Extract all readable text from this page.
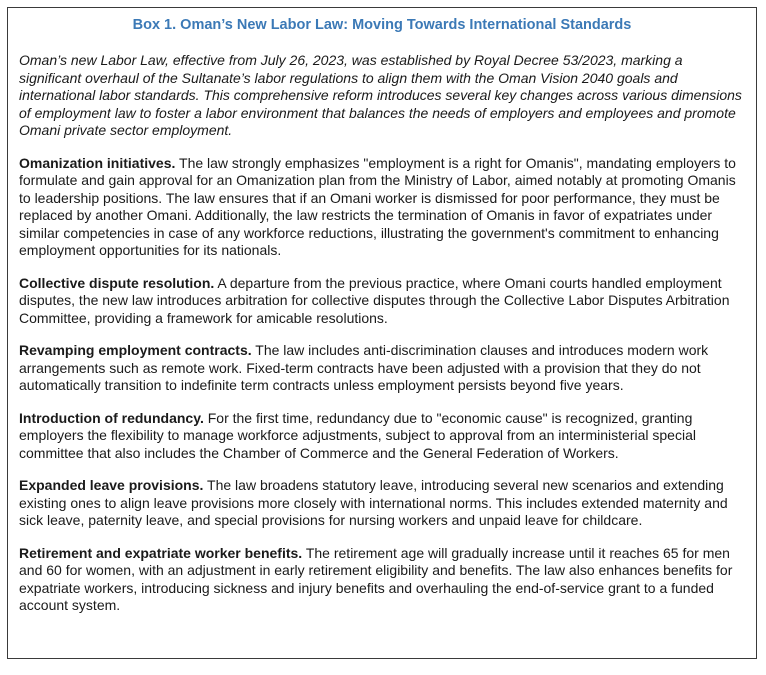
Box 1. Oman’s New Labor Law: Moving Towards International Standards

Oman’s new Labor Law, effective from July 26, 2023, was established by Royal Decree 53/2023, marking a significant overhaul of the Sultanate’s labor regulations to align them with the Oman Vision 2040 goals and international labor standards. This comprehensive reform introduces several key changes across various dimensions of employment law to foster a labor environment that balances the needs of employers and employees and promote Omani private sector employment.

Omanization initiatives. The law strongly emphasizes "employment is a right for Omanis", mandating employers to formulate and gain approval for an Omanization plan from the Ministry of Labor, aimed notably at promoting Omanis to leadership positions. The law ensures that if an Omani worker is dismissed for poor performance, they must be replaced by another Omani. Additionally, the law restricts the termination of Omanis in favor of expatriates under similar competencies in case of any workforce reductions, illustrating the government's commitment to enhancing employment opportunities for its nationals.

Collective dispute resolution. A departure from the previous practice, where Omani courts handled employment disputes, the new law introduces arbitration for collective disputes through the Collective Labor Disputes Arbitration Committee, providing a framework for amicable resolutions.

Revamping employment contracts. The law includes anti-discrimination clauses and introduces modern work arrangements such as remote work. Fixed-term contracts have been adjusted with a provision that they do not automatically transition to indefinite term contracts unless employment persists beyond five years.

Introduction of redundancy. For the first time, redundancy due to "economic cause" is recognized, granting employers the flexibility to manage workforce adjustments, subject to approval from an interministerial special committee that also includes the Chamber of Commerce and the General Federation of Workers.

Expanded leave provisions. The law broadens statutory leave, introducing several new scenarios and extending existing ones to align leave provisions more closely with international norms. This includes extended maternity and sick leave, paternity leave, and special provisions for nursing workers and unpaid leave for childcare.

Retirement and expatriate worker benefits. The retirement age will gradually increase until it reaches 65 for men and 60 for women, with an adjustment in early retirement eligibility and benefits. The law also enhances benefits for expatriate workers, introducing sickness and injury benefits and overhauling the end-of-service grant to a funded account system.
